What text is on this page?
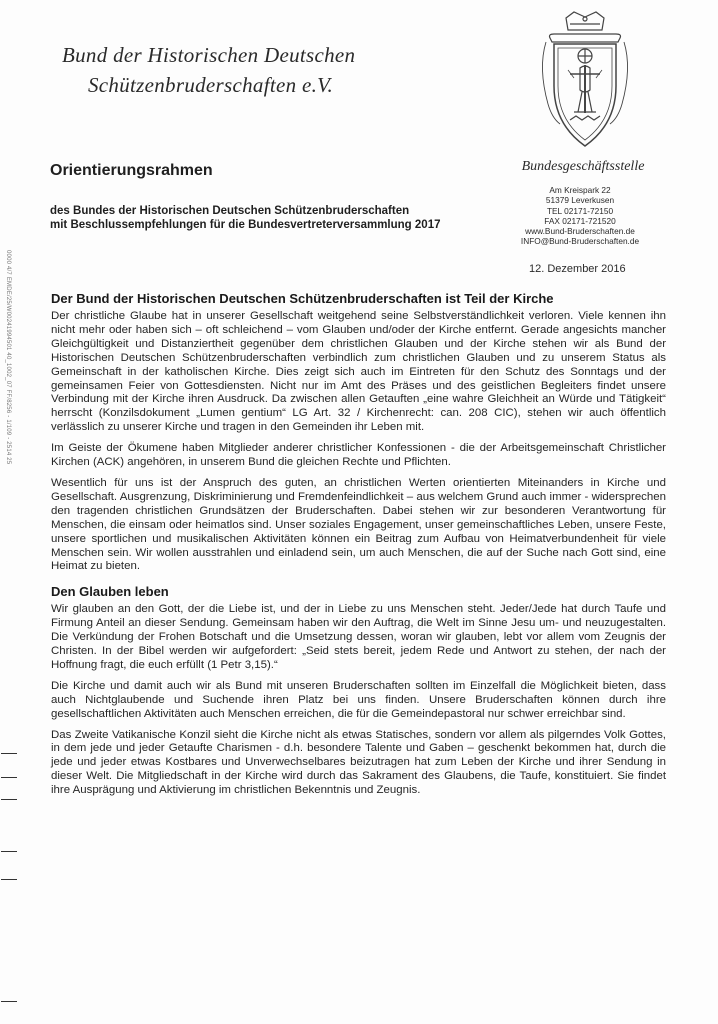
Bund der Historischen Deutschen
Schützenbruderschaften e.V.
Orientierungsrahmen
des Bundes der Historischen Deutschen Schützenbruderschaften
mit Beschlussempfehlungen für die Bundesvertreterversammlung 2017
Bundesgeschäftsstelle
Am Kreispark 22
51379 Leverkusen
TEL 02171-72150
FAX 02171-721520
www.Bund-Bruderschaften.de
INFO@Bund-Bruderschaften.de
12. Dezember 2016
Der Bund der Historischen Deutschen Schützenbruderschaften ist Teil der Kirche

Der christliche Glaube hat in unserer Gesellschaft weitgehend seine Selbstverständlichkeit verloren. Viele kennen ihn nicht mehr oder haben sich – oft schleichend – vom Glauben und/oder der Kirche entfernt. Gerade angesichts mancher Gleichgültigkeit und Distanziertheit gegenüber dem christlichen Glauben und der Kirche stehen wir als Bund der Historischen Deutschen Schützenbruderschaften verbindlich zum christlichen Glauben und zu unserem Status als Gemeinschaft in der katholischen Kirche. Dies zeigt sich auch im Eintreten für den Schutz des Sonntags und der gemeinsamen Feier von Gottesdiensten. Nicht nur im Amt des Präses und des geistlichen Begleiters findet unsere Verbindung mit der Kirche ihren Ausdruck. Da zwischen allen Getauften „eine wahre Gleichheit an Würde und Tätigkeit“ herrscht (Konzilsdokument „Lumen gentium“ LG Art. 32 / Kirchenrecht: can. 208 CIC), stehen wir auch öffentlich verlässlich zu unserer Kirche und tragen in den Gemeinden ihr Leben mit.

Im Geiste der Ökumene haben Mitglieder anderer christlicher Konfessionen - die der Arbeitsgemeinschaft Christlicher Kirchen (ACK) angehören, in unserem Bund die gleichen Rechte und Pflichten.

Wesentlich für uns ist der Anspruch des guten, an christlichen Werten orientierten Miteinanders in Kirche und Gesellschaft. Ausgrenzung, Diskriminierung und Fremdenfeindlichkeit – aus welchem Grund auch immer - widersprechen den tragenden christlichen Grundsätzen der Bruderschaften. Dabei stehen wir zur besonderen Verantwortung für Menschen, die einsam oder heimatlos sind. Unser soziales Engagement, unser gemeinschaftliches Leben, unsere Feste, unsere sportlichen und musikalischen Aktivitäten können ein Beitrag zum Aufbau von Heimatverbundenheit für viele Menschen sein. Wir wollen ausstrahlen und einladend sein, um auch Menschen, die auf der Suche nach Gott sind, eine Heimat zu bieten.

Den Glauben leben

Wir glauben an den Gott, der die Liebe ist, und der in Liebe zu uns Menschen steht. Jeder/Jede hat durch Taufe und Firmung Anteil an dieser Sendung. Gemeinsam haben wir den Auftrag, die Welt im Sinne Jesu um- und neuzugestalten. Die Verkündung der Frohen Botschaft und die Umsetzung dessen, woran wir glauben, lebt vor allem vom Zeugnis der Christen. In der Bibel werden wir aufgefordert: „Seid stets bereit, jedem Rede und Antwort zu stehen, der nach der Hoffnung fragt, die euch erfüllt (1 Petr 3,15).“

Die Kirche und damit auch wir als Bund mit unseren Bruderschaften sollten im Einzelfall die Möglichkeit bieten, dass auch Nichtglaubende und Suchende ihren Platz bei uns finden. Unsere Bruderschaften können durch ihre gesellschaftlichen Aktivitäten auch Menschen erreichen, die für die Gemeindepastoral nur schwer erreichbar sind.

Das Zweite Vatikanische Konzil sieht die Kirche nicht als etwas Statisches, sondern vor allem als pilgerndes Volk Gottes, in dem jede und jeder Getaufte Charismen - d.h. besondere Talente und Gaben – geschenkt bekommen hat, durch die jede und jeder etwas Kostbares und Unverwechselbares beizutragen hat zum Leben der Kirche und ihrer Sendung in dieser Welt. Die Mitgliedschaft in der Kirche wird durch das Sakrament des Glaubens, die Taufe, konstituiert. Sie findet ihre Ausprägung und Aktivierung im christlichen Bekenntnis und Zeugnis.

0000 4/7 EMDE/25/W00241994501 40_1002_07 FF/8256 - 1/109 - 2514 25
